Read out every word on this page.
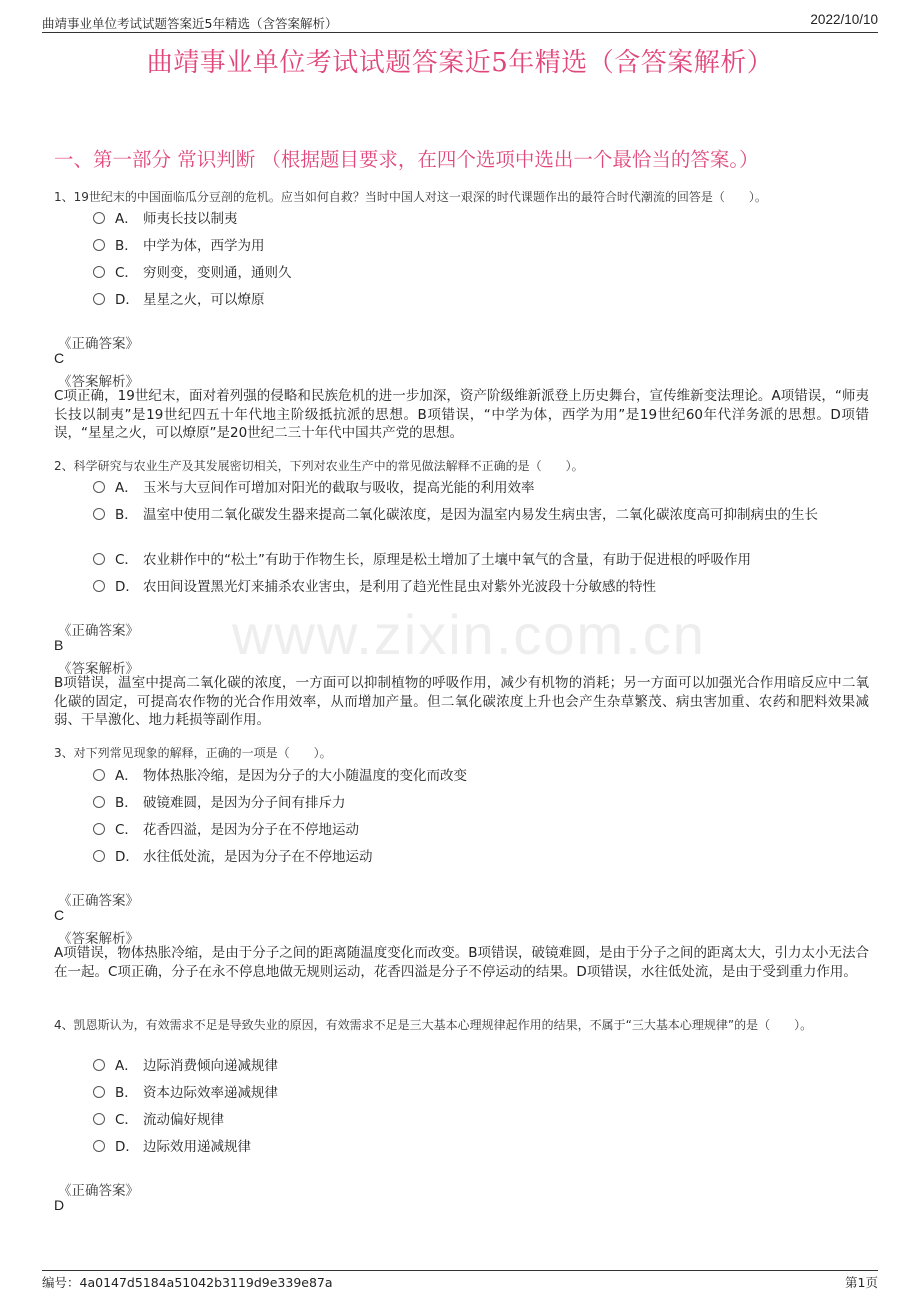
曲靖事业单位考试试题答案近5年精选（含答案解析）	2022/10/10
曲靖事业单位考试试题答案近5年精选（含答案解析）
一、第一部分 常识判断 （根据题目要求，在四个选项中选出一个最恰当的答案。）
www.zixin.com.cn
1、19世纪末的中国面临瓜分豆剖的危机。应当如何自救？当时中国人对这一艰深的时代课题作出的最符合时代潮流的回答是（　　）。
A． 师夷长技以制夷
B． 中学为体，西学为用
C． 穷则变，变则通，通则久
D． 星星之火，可以燎原
《正确答案》
C
《答案解析》
C项正确，19世纪末，面对着列强的侵略和民族危机的进一步加深，资产阶级维新派登上历史舞台，宣传维新变法理论。A项错误，“师夷长技以制夷”是19世纪四五十年代地主阶级抵抗派的思想。B项错误，“中学为体，西学为用”是19世纪60年代洋务派的思想。D项错误，“星星之火，可以燎原”是20世纪二三十年代中国共产党的思想。
2、科学研究与农业生产及其发展密切相关，下列对农业生产中的常见做法解释不正确的是（　　）。
A． 玉米与大豆间作可增加对阳光的截取与吸收，提高光能的利用效率
B． 温室中使用二氧化碳发生器来提高二氧化碳浓度，是因为温室内易发生病虫害，二氧化碳浓度高可抑制病虫的生长
C． 农业耕作中的“松土”有助于作物生长，原理是松土增加了土壤中氧气的含量，有助于促进根的呼吸作用
D． 农田间设置黑光灯来捕杀农业害虫，是利用了趋光性昆虫对紫外光波段十分敏感的特性
《正确答案》
B
《答案解析》
B项错误，温室中提高二氧化碳的浓度，一方面可以抑制植物的呼吸作用，减少有机物的消耗；另一方面可以加强光合作用暗反应中二氧化碳的固定，可提高农作物的光合作用效率，从而增加产量。但二氧化碳浓度上升也会产生杂草繁茂、病虫害加重、农药和肥料效果减弱、干旱激化、地力耗损等副作用。
3、对下列常见现象的解释，正确的一项是（　　）。
A． 物体热胀冷缩，是因为分子的大小随温度的变化而改变
B． 破镜难圆，是因为分子间有排斥力
C． 花香四溢，是因为分子在不停地运动
D． 水往低处流，是因为分子在不停地运动
《正确答案》
C
《答案解析》
A项错误，物体热胀冷缩，是由于分子之间的距离随温度变化而改变。B项错误，破镜难圆，是由于分子之间的距离太大，引力太小无法合在一起。C项正确，分子在永不停息地做无规则运动，花香四溢是分子不停运动的结果。D项错误，水往低处流，是由于受到重力作用。
4、凯恩斯认为，有效需求不足是导致失业的原因，有效需求不足是三大基本心理规律起作用的结果，不属于“三大基本心理规律”的是（　　）。
A． 边际消费倾向递减规律
B． 资本边际效率递减规律
C． 流动偏好规律
D． 边际效用递减规律
《正确答案》
D
编号：4a0147d5184a51042b3119d9e339e87a	第1页
